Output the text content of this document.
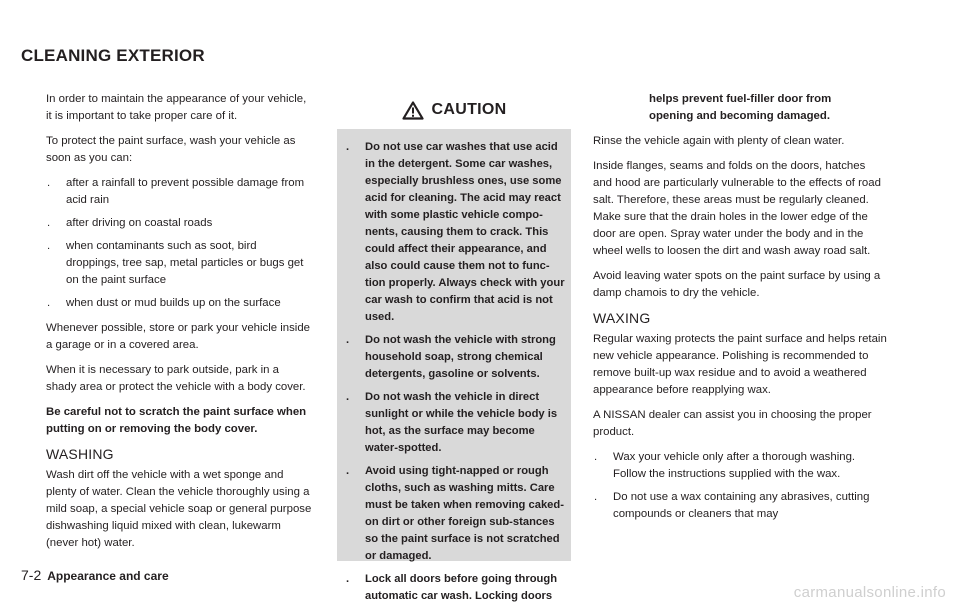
CLEANING EXTERIOR

In order to maintain the appearance of your vehicle, it is important to take proper care of it.

To protect the paint surface, wash your vehicle as soon as you can:

. after a rainfall to prevent possible damage from acid rain
. after driving on coastal roads
. when contaminants such as soot, bird droppings, tree sap, metal particles or bugs get on the paint surface
. when dust or mud builds up on the surface

Whenever possible, store or park your vehicle inside a garage or in a covered area.

When it is necessary to park outside, park in a shady area or protect the vehicle with a body cover.

Be careful not to scratch the paint surface when putting on or removing the body cover.

WASHING

Wash dirt off the vehicle with a wet sponge and plenty of water. Clean the vehicle thoroughly using a mild soap, a special vehicle soap or general purpose dishwashing liquid mixed with clean, lukewarm (never hot) water.

CAUTION
. Do not use car washes that use acid in the detergent. Some car washes, especially brushless ones, use some acid for cleaning. The acid may react with some plastic vehicle compo-nents, causing them to crack. This could affect their appearance, and also could cause them not to func-tion properly. Always check with your car wash to confirm that acid is not used.
. Do not wash the vehicle with strong household soap, strong chemical detergents, gasoline or solvents.
. Do not wash the vehicle in direct sunlight or while the vehicle body is hot, as the surface may become water-spotted.
. Avoid using tight-napped or rough cloths, such as washing mitts. Care must be taken when removing caked-on dirt or other foreign sub-stances so the paint surface is not scratched or damaged.
. Lock all doors before going through automatic car wash. Locking doors

helps prevent fuel-filler door from opening and becoming damaged.

Rinse the vehicle again with plenty of clean water.

Inside flanges, seams and folds on the doors, hatches and hood are particularly vulnerable to the effects of road salt. Therefore, these areas must be regularly cleaned. Make sure that the drain holes in the lower edge of the door are open. Spray water under the body and in the wheel wells to loosen the dirt and wash away road salt.

Avoid leaving water spots on the paint surface by using a damp chamois to dry the vehicle.

WAXING

Regular waxing protects the paint surface and helps retain new vehicle appearance. Polishing is recommended to remove built-up wax residue and to avoid a weathered appearance before reapplying wax.

A NISSAN dealer can assist you in choosing the proper product.

. Wax your vehicle only after a thorough washing. Follow the instructions supplied with the wax.
. Do not use a wax containing any abrasives, cutting compounds or cleaners that may
7-2 Appearance and care
carmanualsonline.info
